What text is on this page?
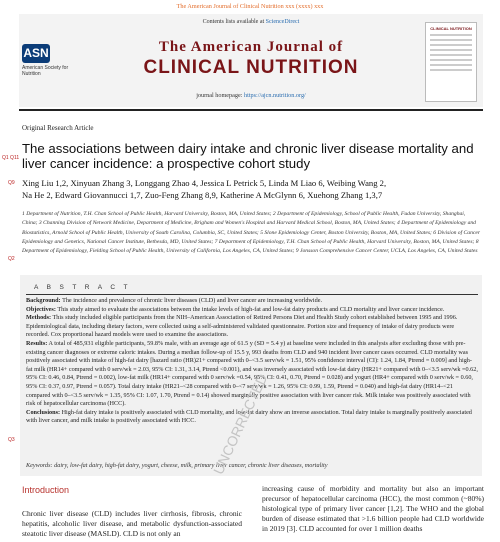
The American Journal of Clinical Nutrition xxx (xxxx) xxx
ASN
American Society for Nutrition
Contents lists available at ScienceDirect
The American Journal of
CLINICAL NUTRITION
journal homepage: https://ajcn.nutrition.org/
CLINICAL NUTRITION
Original Research Article
Q1 Q11
The associations between dairy intake and chronic liver disease mortality and liver cancer incidence: a prospective cohort study
Q9 Xing Liu 1,2, Xinyuan Zhang 3, Longgang Zhao 4, Jessica L Petrick 5, Linda M Liao 6, Weibing Wang 2,
Na He 2, Edward Giovannucci 1,7, Zuo-Feng Zhang 8,9, Katherine A McGlynn 6, Xuehong Zhang 1,3,7
Q2
1 Department of Nutrition, T.H. Chan School of Public Health, Harvard University, Boston, MA, United States; 2 Department of Epidemiology, School of Public Health, Fudan University, Shanghai, China; 3 Channing Division of Network Medicine, Department of Medicine, Brigham and Women's Hospital and Harvard Medical School, Boston, MA, United States; 4 Department of Epidemiology and Biostatistics, Arnold School of Public Health, University of South Carolina, Columbia, SC, United States; 5 Slone Epidemiology Center, Boston University, Boston, MA, United States; 6 Division of Cancer Epidemiology and Genetics, National Cancer Institute, Bethesda, MD, United States; 7 Department of Epidemiology, T.H. Chan School of Public Health, Harvard University, Boston, MA, United States; 8 Department of Epidemiology, Fielding School of Public Health, University of California, Los Angeles, CA, United States; 9 Jonsson Comprehensive Cancer Center, UCLA, Los Angeles, CA, United States
A B S T R A C T
Q3

Background: The incidence and prevalence of chronic liver diseases (CLD) and liver cancer are increasing worldwide.

Objectives: This study aimed to evaluate the associations between the intake levels of high-fat and low-fat dairy products and CLD mortality and liver cancer incidence.

Methods: This study included eligible participants from the NIH–American Association of Retired Persons Diet and Health Study cohort established between 1995 and 1996. Epidemiological data, including dietary factors, were collected using a self-administered validated questionnaire. Portion size and frequency of intake of dairy products were recorded. Cox proportional hazard models were used to examine the associations.

Results: A total of 485,931 eligible participants, 59.8% male, with an average age of 61.5 y (SD = 5.4 y) at baseline were included in this analysis after excluding those with pre-existing cancer diagnoses or extreme caloric intakes. During a median follow-up of 15.5 y, 993 deaths from CLD and 940 incident liver cancer cases occurred. CLD mortality was positively associated with intake of high-fat dairy [hazard ratio (HR)21+ compared with 0–<3.5 serv/wk = 1.51, 95% confidence interval (CI): 1.24, 1.84, Ptrend = 0.009] and high-fat milk (HR14+ compared with 0 serv/wk = 2.03, 95% CI: 1.31, 3.14, Ptrend <0.001), and was inversely associated with low-fat dairy (HR21+ compared with 0–<3.5 serv/wk =0.62, 95% CI: 0.46, 0.84, Ptrend = 0.002), low-fat milk (HR14+ compared with 0 serv/wk =0.54, 95% CI: 0.41, 0.70, Ptrend = 0.028) and yogurt (HR4+ compared with 0 serv/wk = 0.60, 95% CI: 0.37, 0.97, Ptrend = 0.057). Total dairy intake (HR21–<28 compared with 0–<7 serv/wk = 1.26, 95% CI: 0.99, 1.59, Ptrend = 0.040) and high-fat dairy (HR14–<21 compared with 0–<3.5 serv/wk = 1.35, 95% CI: 1.07, 1.70, Ptrend = 0.14) showed marginally positive association with liver cancer risk. Milk intake was positively associated with risk of hepatocellular carcinoma (HCC).

Conclusions: High-fat dairy intake is positively associated with CLD mortality, and low-fat dairy show an inverse association. Total dairy intake is marginally positively associated with liver cancer, and milk intake is positively associated with HCC.

Keywords: dairy, low-fat dairy, high-fat dairy, yogurt, cheese, milk, primary liver cancer, chronic liver diseases, mortality
Introduction
Chronic liver disease (CLD) includes liver cirrhosis, fibrosis, chronic hepatitis, alcoholic liver disease, and metabolic dysfunction-associated steatotic liver disease (MASLD). CLD is not only an
increasing cause of morbidity and mortality but also an important precursor of hepatocellular carcinoma (HCC), the most common (~80%) histological type of primary liver cancer [1,2]. The WHO and the global burden of disease estimated that >1.6 billion people had CLD worldwide in 2019 [3]. CLD accounted for over 1 million deaths
